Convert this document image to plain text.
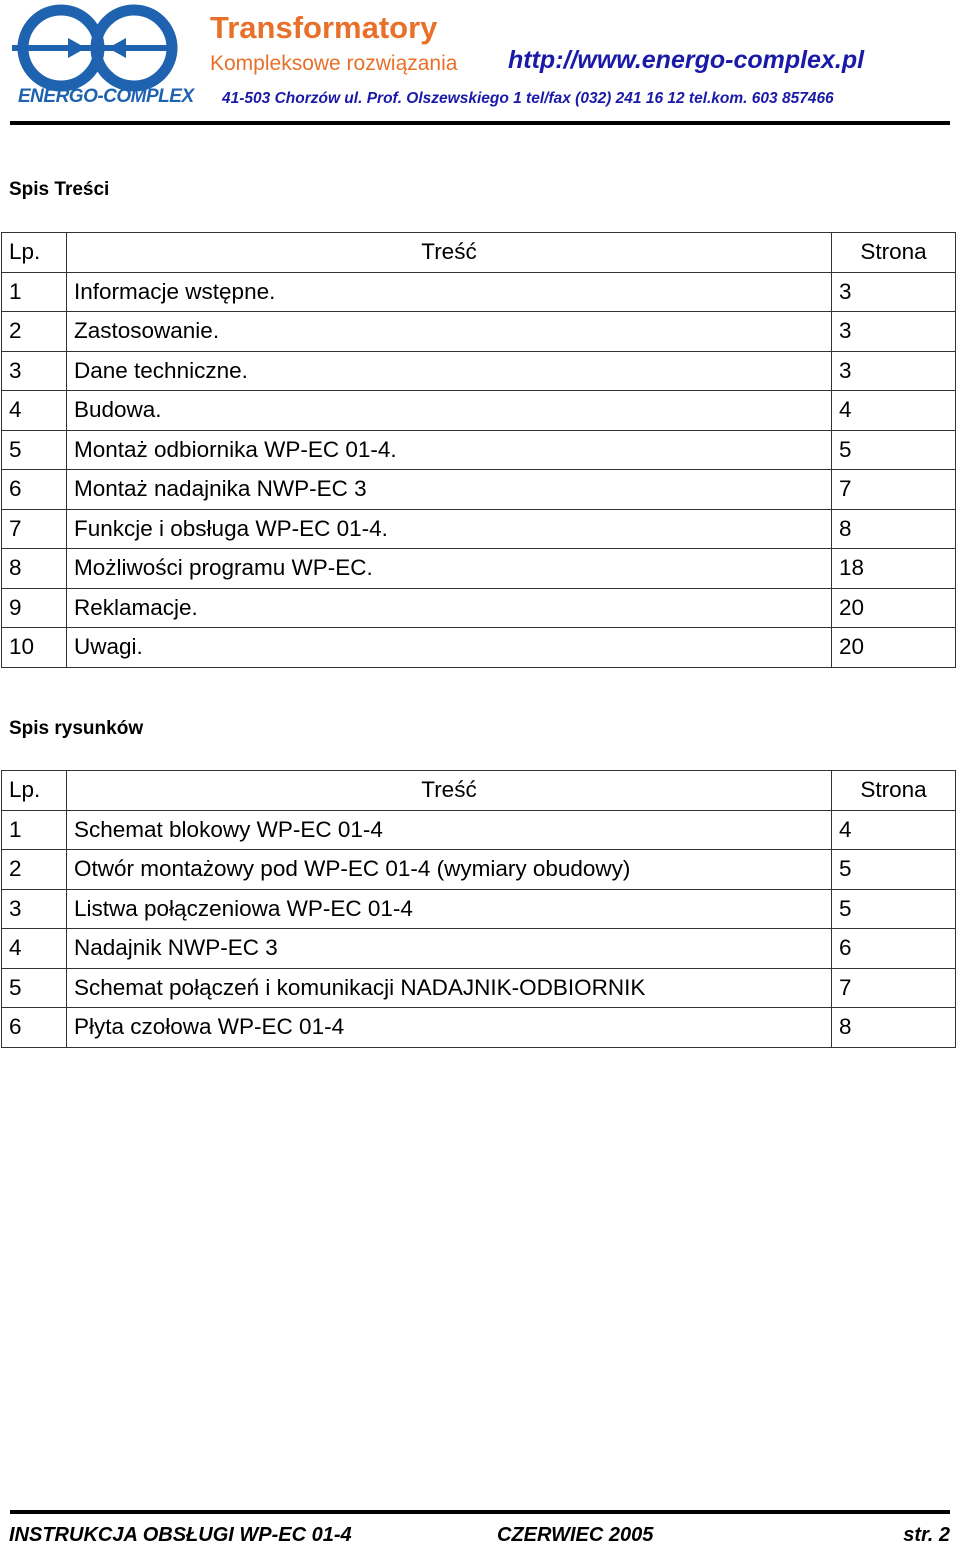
ENERGO-COMPLEX
Transformatory
Kompleksowe rozwiązania http://www.energo-complex.pl
41-503 Chorzów ul. Prof. Olszewskiego 1 tel/fax (032) 241 16 12 tel.kom. 603 857466
Spis Treści
Lp.	Treść	Strona
1	Informacje wstępne.	3
2	Zastosowanie.	3
3	Dane techniczne.	3
4	Budowa.	4
5	Montaż odbiornika WP-EC 01-4.	5
6	Montaż nadajnika NWP-EC 3	7
7	Funkcje i obsługa WP-EC 01-4.	8
8	Możliwości programu WP-EC.	18
9	Reklamacje.	20
10	Uwagi.	20
Spis rysunków
Lp.	Treść	Strona
1	Schemat blokowy WP-EC 01-4	4
2	Otwór montażowy pod WP-EC 01-4 (wymiary obudowy)	5
3	Listwa połączeniowa WP-EC 01-4	5
4	Nadajnik NWP-EC 3	6
5	Schemat połączeń i komunikacji NADAJNIK-ODBIORNIK	7
6	Płyta czołowa WP-EC 01-4	8
INSTRUKCJA OBSŁUGI WP-EC 01-4	CZERWIEC 2005	str. 2
